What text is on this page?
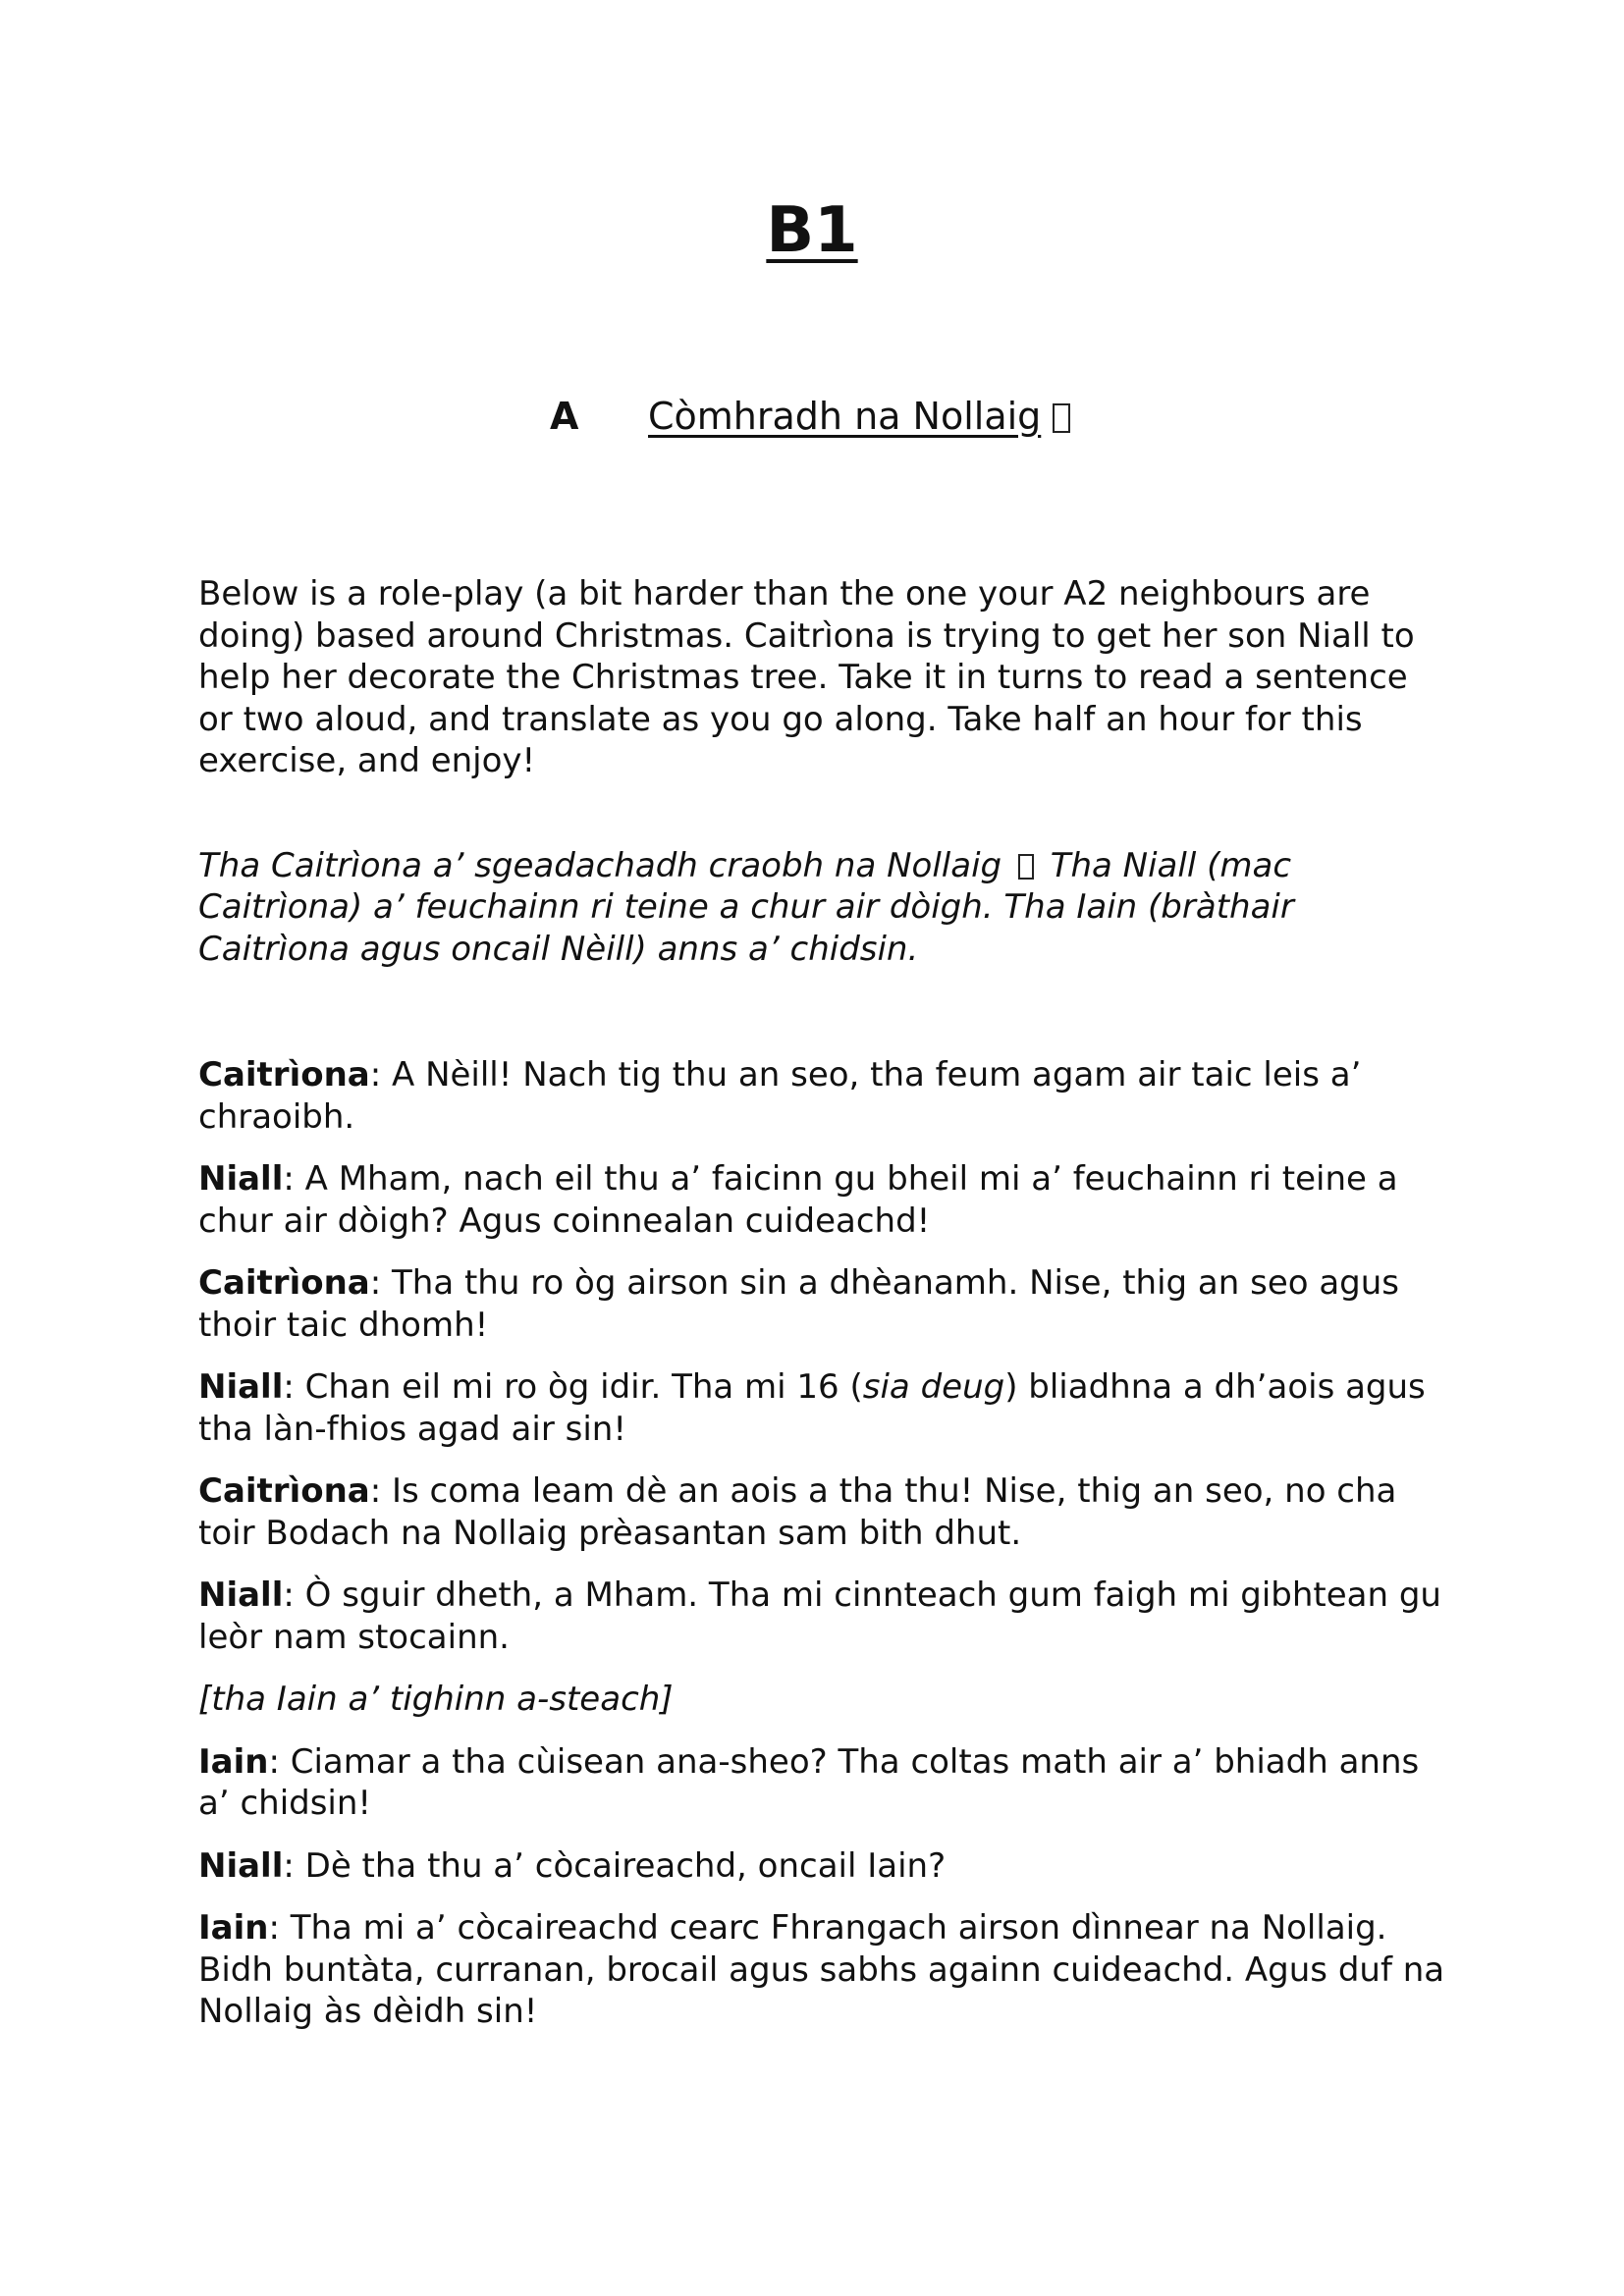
B1
A Còmhradh na Nollaig

Below is a role-play (a bit harder than the one your A2 neighbours are doing) based around Christmas. Caitrìona is trying to get her son Niall to help her decorate the Christmas tree. Take it in turns to read a sentence or two aloud, and translate as you go along. Take half an hour for this exercise, and enjoy!

Tha Caitrìona a’ sgeadachadh craobh na Nollaig Tha Niall (mac Caitrìona) a’ feuchainn ri teine a chur air dòigh. Tha Iain (bràthair Caitrìona agus oncail Nèill) anns a’ chidsin.

Caitrìona: A Nèill! Nach tig thu an seo, tha feum agam air taic leis a’ chraoibh.

Niall: A Mham, nach eil thu a’ faicinn gu bheil mi a’ feuchainn ri teine a chur air dòigh? Agus coinnealan cuideachd!

Caitrìona: Tha thu ro òg airson sin a dhèanamh. Nise, thig an seo agus thoir taic dhomh!

Niall: Chan eil mi ro òg idir. Tha mi 16 (sia deug) bliadhna a dh’aois agus tha làn-fhios agad air sin!

Caitrìona: Is coma leam dè an aois a tha thu! Nise, thig an seo, no cha toir Bodach na Nollaig prèasantan sam bith dhut.

Niall: Ò sguir dheth, a Mham. Tha mi cinnteach gum faigh mi gibhtean gu leòr nam stocainn.

[tha Iain a’ tighinn a-steach]

Iain: Ciamar a tha cùisean ana-sheo? Tha coltas math air a’ bhiadh anns a’ chidsin!

Niall: Dè tha thu a’ còcaireachd, oncail Iain?

Iain: Tha mi a’ còcaireachd cearc Fhrangach airson dìnnear na Nollaig. Bidh buntàta, curranan, brocail agus sabhs againn cuideachd. Agus duf na Nollaig às dèidh sin!
